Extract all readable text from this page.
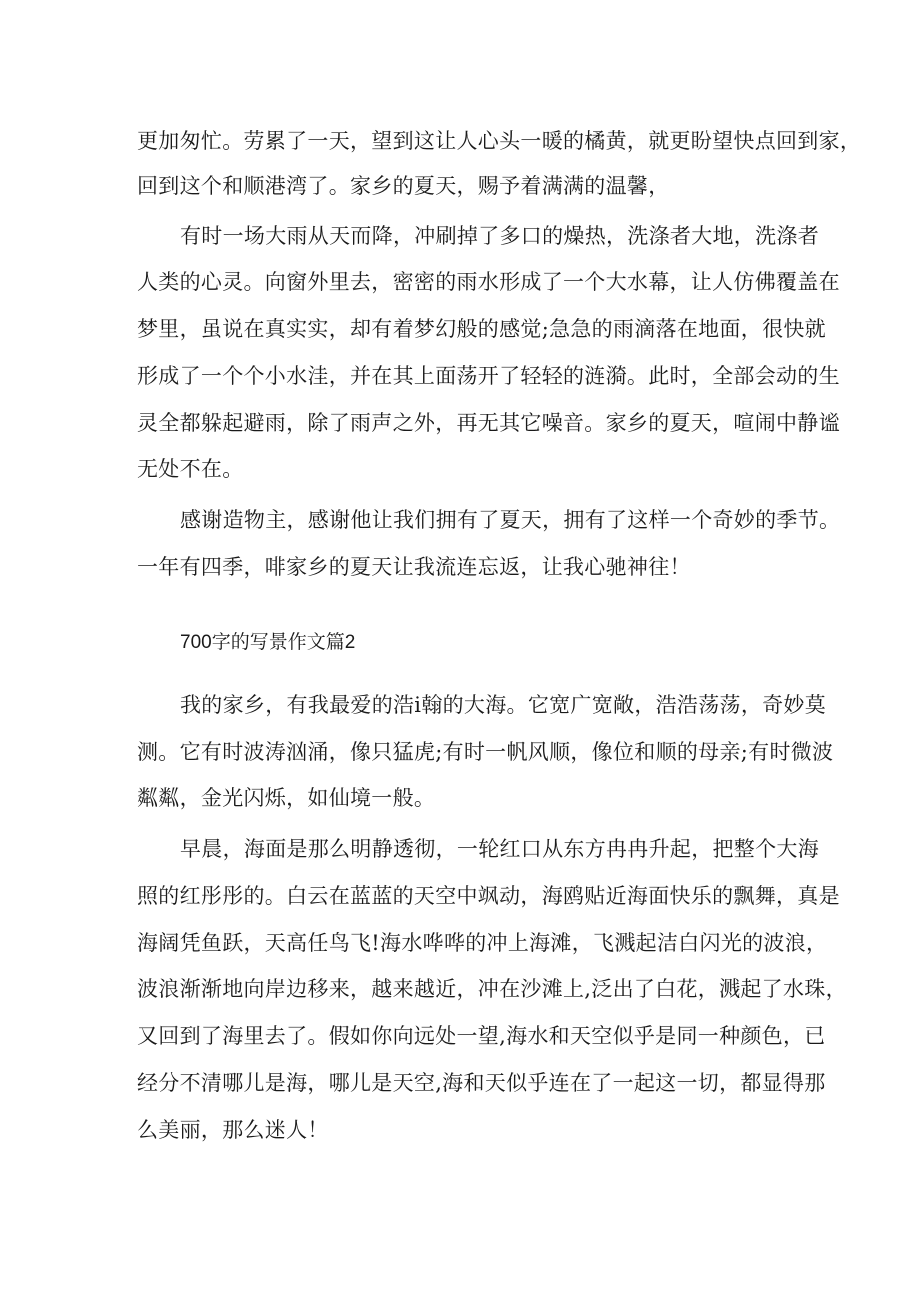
更加匆忙。劳累了一天，望到这让人心头一暖的橘黄，就更盼望快点回到家，
回到这个和顺港湾了。家乡的夏天，赐予着满满的温馨，
有时一场大雨从天而降，冲刷掉了多口的燥热，洗涤者大地，洗涤者
人类的心灵。向窗外里去，密密的雨水形成了一个大水幕，让人仿佛覆盖在
梦里，虽说在真实实，却有着梦幻般的感觉;急急的雨滴落在地面，很快就
形成了一个个小水洼，并在其上面荡开了轻轻的涟漪。此时，全部会动的生
灵全都躲起避雨，除了雨声之外，再无其它噪音。家乡的夏天，喧闹中静谧
无处不在。
感谢造物主，感谢他让我们拥有了夏天，拥有了这样一个奇妙的季节。
一年有四季，啡家乡的夏天让我流连忘返，让我心驰神往！
700字的写景作文篇2
我的家乡，有我最爱的浩i翰的大海。它宽广宽敞，浩浩荡荡，奇妙莫
测。它有时波涛汹涌，像只猛虎;有时一帆风顺，像位和顺的母亲;有时微波
粼粼，金光闪烁，如仙境一般。
早晨，海面是那么明静透彻，一轮红口从东方冉冉升起，把整个大海
照的红彤彤的。白云在蓝蓝的天空中飒动，海鸥贴近海面快乐的飘舞，真是
海阔凭鱼跃，天高任鸟飞!海水哗哗的冲上海滩，飞溅起洁白闪光的波浪，
波浪渐渐地向岸边移来，越来越近，冲在沙滩上,泛出了白花，溅起了水珠，
又回到了海里去了。假如你向远处一望,海水和天空似乎是同一种颜色，已
经分不清哪儿是海，哪儿是天空,海和天似乎连在了一起这一切，都显得那
么美丽，那么迷人！
